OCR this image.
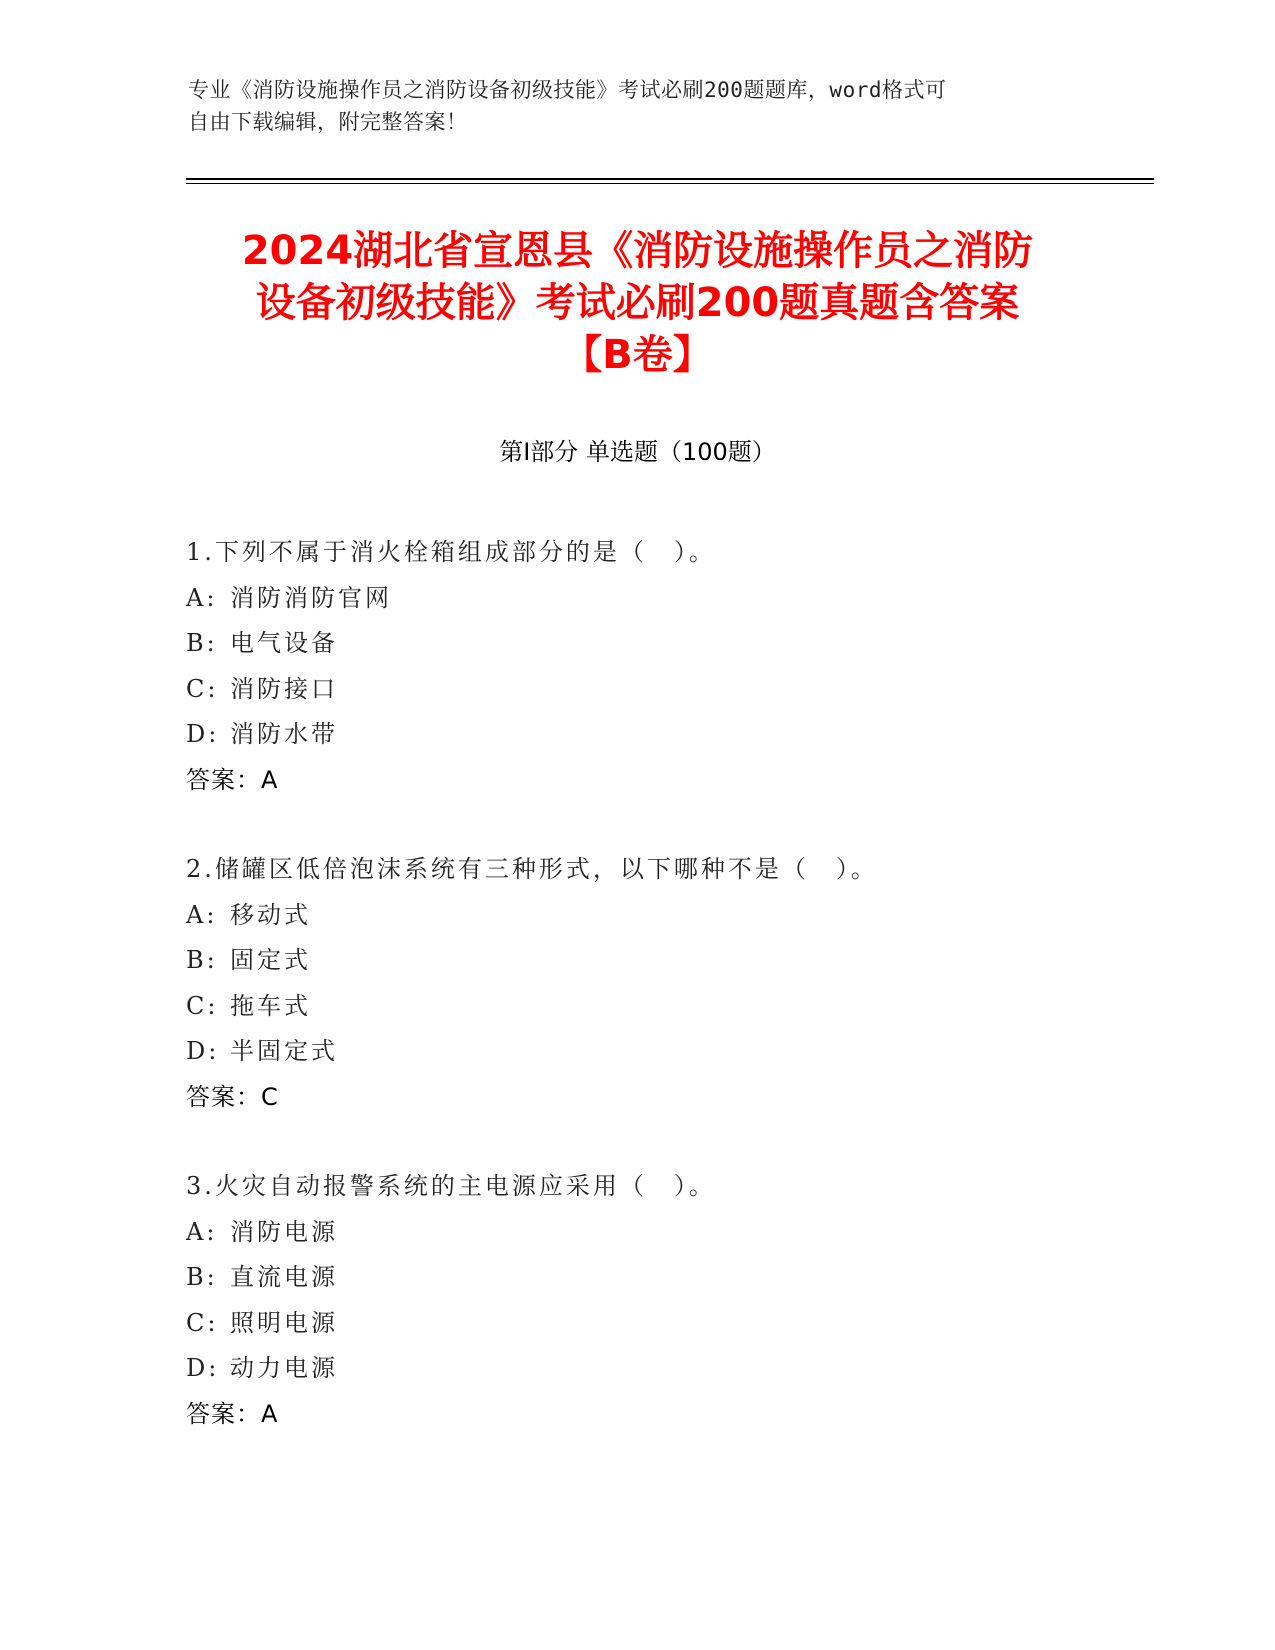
专业《消防设施操作员之消防设备初级技能》考试必刷200题题库，word格式可
自由下载编辑，附完整答案！
2024湖北省宣恩县《消防设施操作员之消防
设备初级技能》考试必刷200题真题含答案
【B卷】
第Ⅰ部分 单选题（100题）
1.下列不属于消火栓箱组成部分的是（　）。
A: 消防消防官网
B: 电气设备
C: 消防接口
D: 消防水带
答案：A
2.储罐区低倍泡沫系统有三种形式，以下哪种不是（　）。
A: 移动式
B: 固定式
C: 拖车式
D: 半固定式
答案：C
3.火灾自动报警系统的主电源应采用（　）。
A: 消防电源
B: 直流电源
C: 照明电源
D: 动力电源
答案：A
